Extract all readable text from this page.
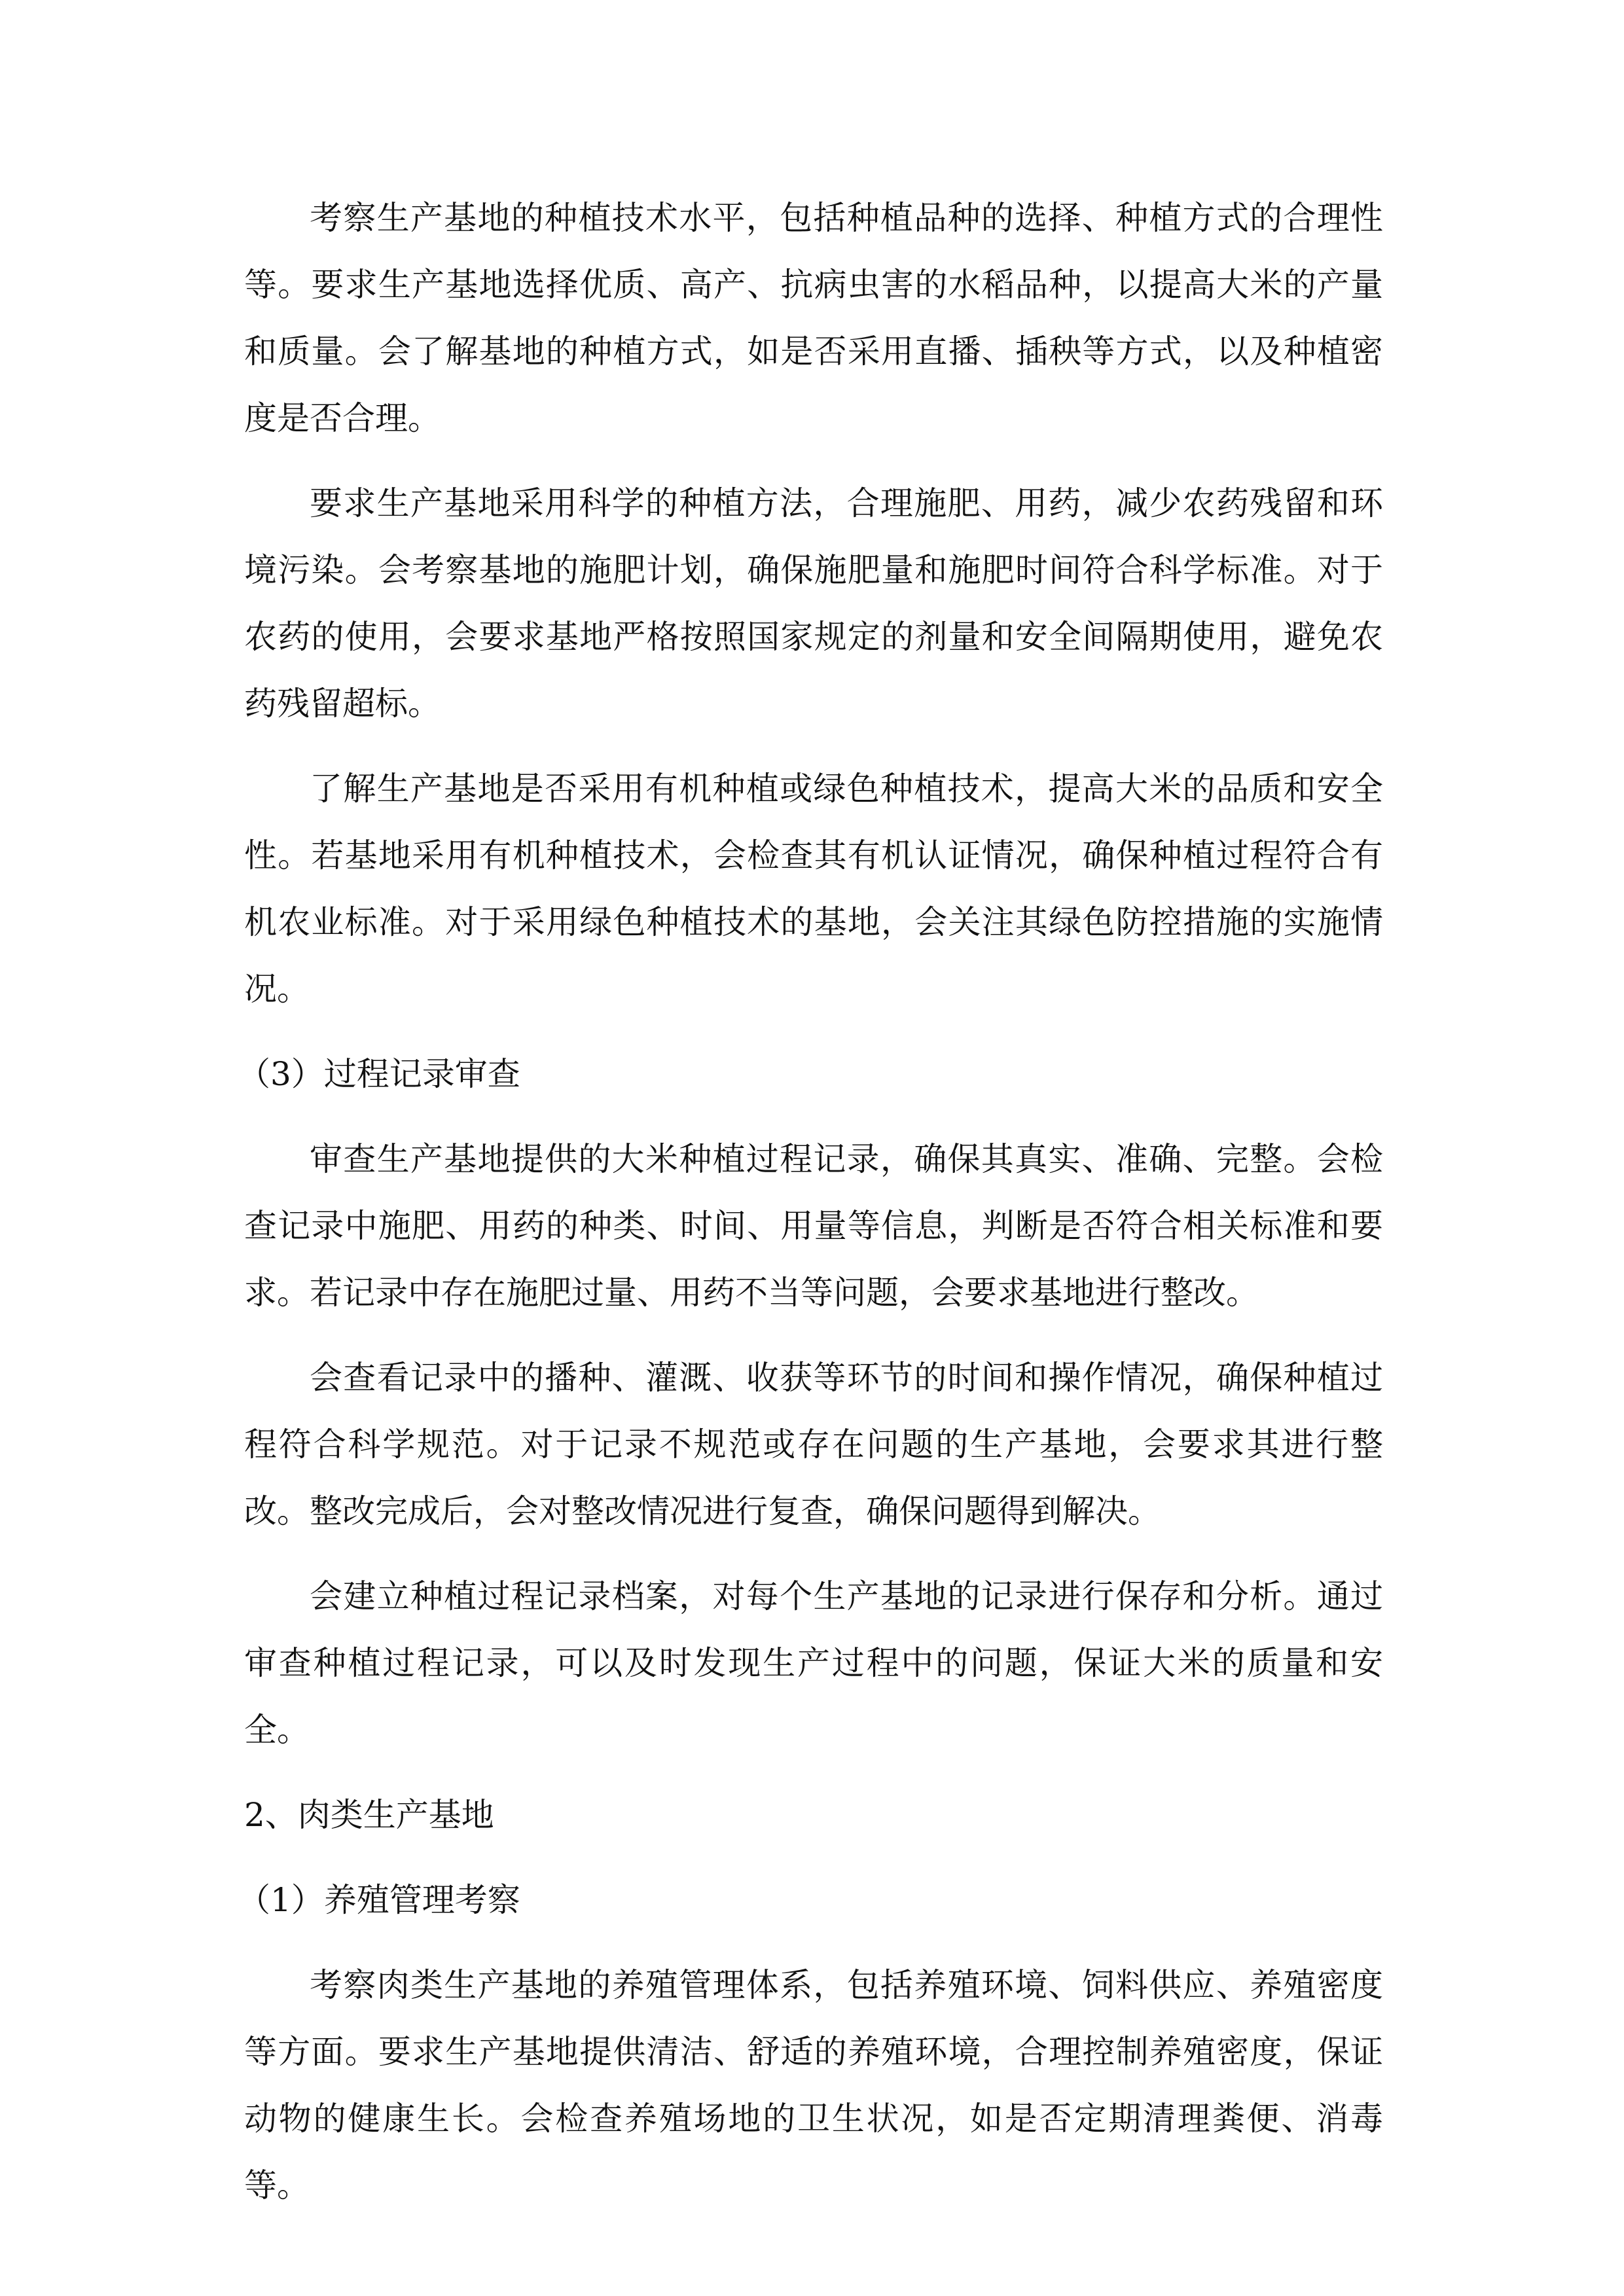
考察生产基地的种植技术水平，包括种植品种的选择、种植方式的合理性等。要求生产基地选择优质、高产、抗病虫害的水稻品种，以提高大米的产量和质量。会了解基地的种植方式，如是否采用直播、插秧等方式，以及种植密度是否合理。

要求生产基地采用科学的种植方法，合理施肥、用药，减少农药残留和环境污染。会考察基地的施肥计划，确保施肥量和施肥时间符合科学标准。对于农药的使用，会要求基地严格按照国家规定的剂量和安全间隔期使用，避免农药残留超标。

了解生产基地是否采用有机种植或绿色种植技术，提高大米的品质和安全性。若基地采用有机种植技术，会检查其有机认证情况，确保种植过程符合有机农业标准。对于采用绿色种植技术的基地，会关注其绿色防控措施的实施情况。

（3）过程记录审查

审查生产基地提供的大米种植过程记录，确保其真实、准确、完整。会检查记录中施肥、用药的种类、时间、用量等信息，判断是否符合相关标准和要求。若记录中存在施肥过量、用药不当等问题，会要求基地进行整改。

会查看记录中的播种、灌溉、收获等环节的时间和操作情况，确保种植过程符合科学规范。对于记录不规范或存在问题的生产基地，会要求其进行整改。整改完成后，会对整改情况进行复查，确保问题得到解决。

会建立种植过程记录档案，对每个生产基地的记录进行保存和分析。通过审查种植过程记录，可以及时发现生产过程中的问题，保证大米的质量和安全。

2、肉类生产基地

（1）养殖管理考察

考察肉类生产基地的养殖管理体系，包括养殖环境、饲料供应、养殖密度等方面。要求生产基地提供清洁、舒适的养殖环境，合理控制养殖密度，保证动物的健康生长。会检查养殖场地的卫生状况，如是否定期清理粪便、消毒等。
